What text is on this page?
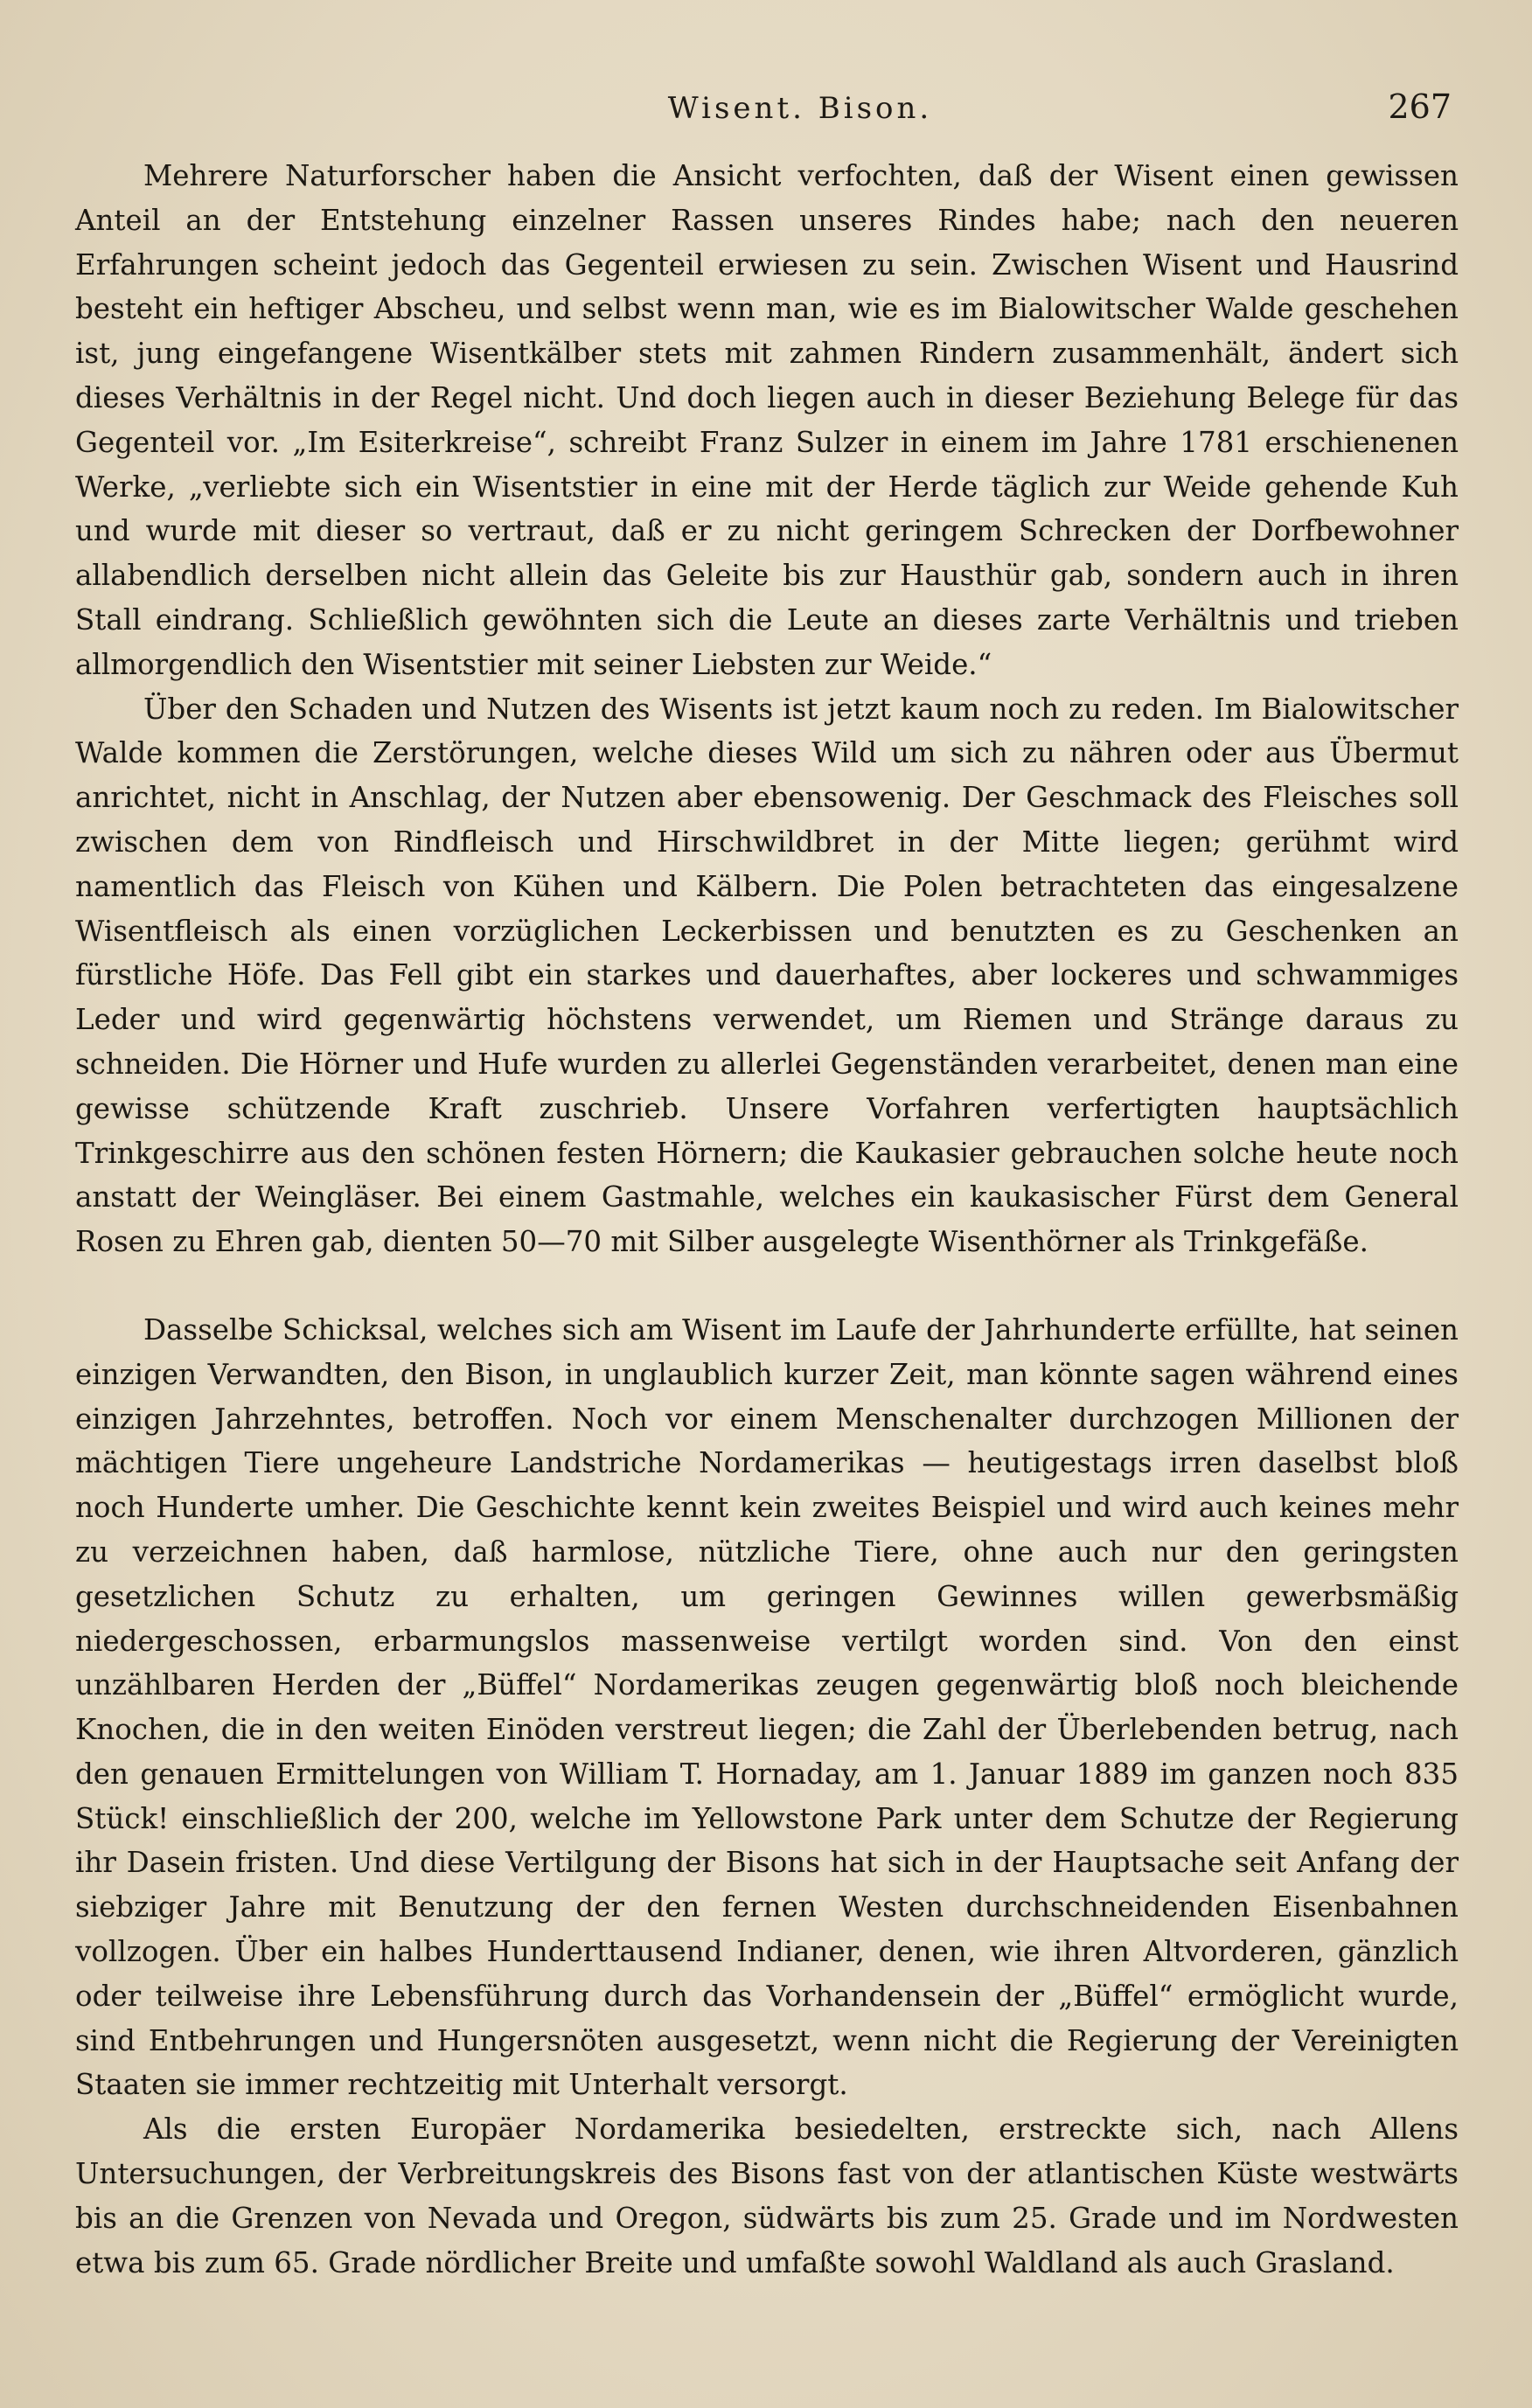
Wisent. Bison.	267

Mehrere Naturforscher haben die Ansicht verfochten, daß der Wisent einen gewissen Anteil an der Entstehung einzelner Rassen unseres Rindes habe; nach den neueren Erfahrungen scheint jedoch das Gegenteil erwiesen zu sein. Zwischen Wisent und Hausrind besteht ein heftiger Abscheu, und selbst wenn man, wie es im Bialowitscher Walde geschehen ist, jung eingefangene Wisentkälber stets mit zahmen Rindern zusammenhält, ändert sich dieses Verhältnis in der Regel nicht. Und doch liegen auch in dieser Beziehung Belege für das Gegenteil vor. „Im Esiterkreise“, schreibt Franz Sulzer in einem im Jahre 1781 erschienenen Werke, „verliebte sich ein Wisentstier in eine mit der Herde täglich zur Weide gehende Kuh und wurde mit dieser so vertraut, daß er zu nicht geringem Schrecken der Dorfbewohner allabendlich derselben nicht allein das Geleite bis zur Hausthür gab, sondern auch in ihren Stall eindrang. Schließlich gewöhnten sich die Leute an dieses zarte Verhältnis und trieben allmorgendlich den Wisentstier mit seiner Liebsten zur Weide.“

Über den Schaden und Nutzen des Wisents ist jetzt kaum noch zu reden. Im Bialowitscher Walde kommen die Zerstörungen, welche dieses Wild um sich zu nähren oder aus Übermut anrichtet, nicht in Anschlag, der Nutzen aber ebensowenig. Der Geschmack des Fleisches soll zwischen dem von Rindfleisch und Hirschwildbret in der Mitte liegen; gerühmt wird namentlich das Fleisch von Kühen und Kälbern. Die Polen betrachteten das eingesalzene Wisentfleisch als einen vorzüglichen Leckerbissen und benutzten es zu Geschenken an fürstliche Höfe. Das Fell gibt ein starkes und dauerhaftes, aber lockeres und schwammiges Leder und wird gegenwärtig höchstens verwendet, um Riemen und Stränge daraus zu schneiden. Die Hörner und Hufe wurden zu allerlei Gegenständen verarbeitet, denen man eine gewisse schützende Kraft zuschrieb. Unsere Vorfahren verfertigten hauptsächlich Trinkgeschirre aus den schönen festen Hörnern; die Kaukasier gebrauchen solche heute noch anstatt der Weingläser. Bei einem Gastmahle, welches ein kaukasischer Fürst dem General Rosen zu Ehren gab, dienten 50—70 mit Silber ausgelegte Wisenthörner als Trinkgefäße.

Dasselbe Schicksal, welches sich am Wisent im Laufe der Jahrhunderte erfüllte, hat seinen einzigen Verwandten, den Bison, in unglaublich kurzer Zeit, man könnte sagen während eines einzigen Jahrzehntes, betroffen. Noch vor einem Menschenalter durchzogen Millionen der mächtigen Tiere ungeheure Landstriche Nordamerikas — heutigestags irren daselbst bloß noch Hunderte umher. Die Geschichte kennt kein zweites Beispiel und wird auch keines mehr zu verzeichnen haben, daß harmlose, nützliche Tiere, ohne auch nur den geringsten gesetzlichen Schutz zu erhalten, um geringen Gewinnes willen gewerbsmäßig niedergeschossen, erbarmungslos massenweise vertilgt worden sind. Von den einst unzählbaren Herden der „Büffel“ Nordamerikas zeugen gegenwärtig bloß noch bleichende Knochen, die in den weiten Einöden verstreut liegen; die Zahl der Überlebenden betrug, nach den genauen Ermittelungen von William T. Hornaday, am 1. Januar 1889 im ganzen noch 835 Stück! einschließlich der 200, welche im Yellowstone Park unter dem Schutze der Regierung ihr Dasein fristen. Und diese Vertilgung der Bisons hat sich in der Hauptsache seit Anfang der siebziger Jahre mit Benutzung der den fernen Westen durchschneidenden Eisenbahnen vollzogen. Über ein halbes Hunderttausend Indianer, denen, wie ihren Altvorderen, gänzlich oder teilweise ihre Lebensführung durch das Vorhandensein der „Büffel“ ermöglicht wurde, sind Entbehrungen und Hungersnöten ausgesetzt, wenn nicht die Regierung der Vereinigten Staaten sie immer rechtzeitig mit Unterhalt versorgt.

Als die ersten Europäer Nordamerika besiedelten, erstreckte sich, nach Allens Untersuchungen, der Verbreitungskreis des Bisons fast von der atlantischen Küste westwärts bis an die Grenzen von Nevada und Oregon, südwärts bis zum 25. Grade und im Nordwesten etwa bis zum 65. Grade nördlicher Breite und umfaßte sowohl Waldland als auch Grasland.
